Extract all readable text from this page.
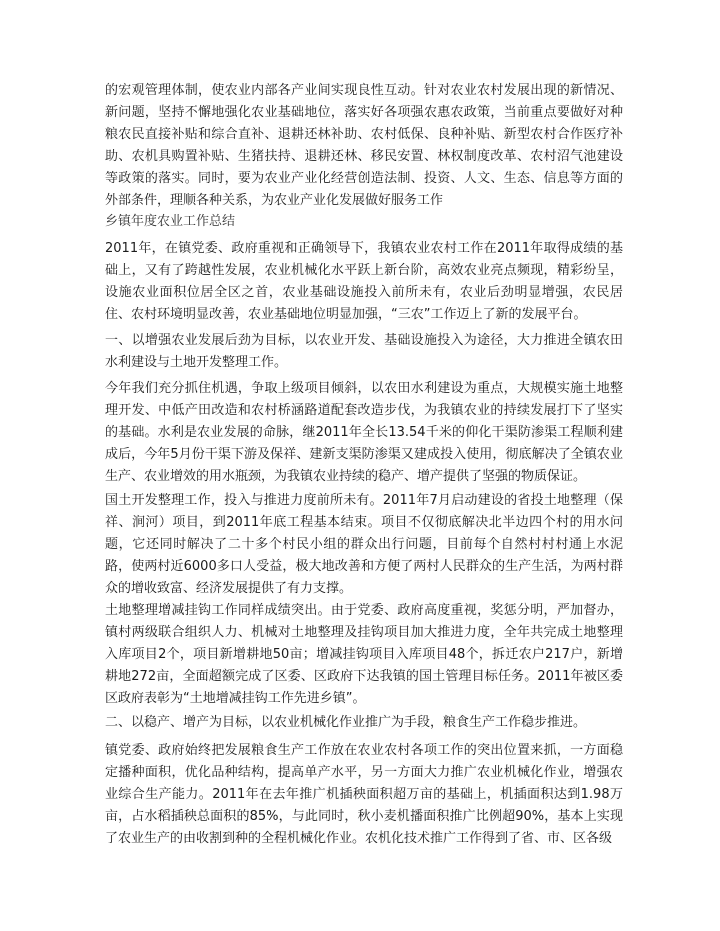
的宏观管理体制，使农业内部各产业间实现良性互动。针对农业农村发展出现的新情况、新问题，坚持不懈地强化农业基础地位，落实好各项强农惠农政策，当前重点要做好对种粮农民直接补贴和综合直补、退耕还林补助、农村低保、良种补贴、新型农村合作医疗补助、农机具购置补贴、生猪扶持、退耕还林、移民安置、林权制度改革、农村沼气池建设等政策的落实。同时，要为农业产业化经营创造法制、投资、人文、生态、信息等方面的外部条件，理顺各种关系，为农业产业化发展做好服务工作
乡镇年度农业工作总结
2011年，在镇党委、政府重视和正确领导下，我镇农业农村工作在2011年取得成绩的基础上，又有了跨越性发展，农业机械化水平跃上新台阶，高效农业亮点频现，精彩纷呈，设施农业面积位居全区之首，农业基础设施投入前所未有，农业后劲明显增强，农民居住、农村环境明显改善，农业基础地位明显加强，“三农”工作迈上了新的发展平台。
一、以增强农业发展后劲为目标，以农业开发、基础设施投入为途径，大力推进全镇农田水利建设与土地开发整理工作。
今年我们充分抓住机遇，争取上级项目倾斜，以农田水利建设为重点，大规模实施土地整理开发、中低产田改造和农村桥涵路道配套改造步伐，为我镇农业的持续发展打下了坚实的基础。水利是农业发展的命脉，继2011年全长13.54千米的仰化干渠防渗渠工程顺利建成后，今年5月份干渠下游及保祥、建新支渠防渗渠又建成投入使用，彻底解决了全镇农业生产、农业增效的用水瓶颈，为我镇农业持续的稳产、增产提供了坚强的物质保证。
国土开发整理工作，投入与推进力度前所未有。2011年7月启动建设的省投土地整理（保祥、涧河）项目，到2011年底工程基本结束。项目不仅彻底解决北半边四个村的用水问题，它还同时解决了二十多个村民小组的群众出行问题，目前每个自然村村村通上水泥路，使两村近6000多口人受益，极大地改善和方便了两村人民群众的生产生活，为两村群众的增收致富、经济发展提供了有力支撑。
土地整理增减挂钩工作同样成绩突出。由于党委、政府高度重视，奖惩分明，严加督办，镇村两级联合组织人力、机械对土地整理及挂钩项目加大推进力度，全年共完成土地整理入库项目2个，项目新增耕地50亩；增减挂钩项目入库项目48个，拆迁农户217户，新增耕地272亩，全面超额完成了区委、区政府下达我镇的国土管理目标任务。2011年被区委区政府表彰为“土地增减挂钩工作先进乡镇”。
二、以稳产、增产为目标，以农业机械化作业推广为手段，粮食生产工作稳步推进。
镇党委、政府始终把发展粮食生产工作放在农业农村各项工作的突出位置来抓，一方面稳定播种面积，优化品种结构，提高单产水平，另一方面大力推广农业机械化作业，增强农业综合生产能力。2011年在去年推广机插秧面积超万亩的基础上，机插面积达到1.98万亩，占水稻插秧总面积的85%，与此同时，秋小麦机播面积推广比例超90%，基本上实现了农业生产的由收割到种的全程机械化作业。农机化技术推广工作得到了省、市、区各级
